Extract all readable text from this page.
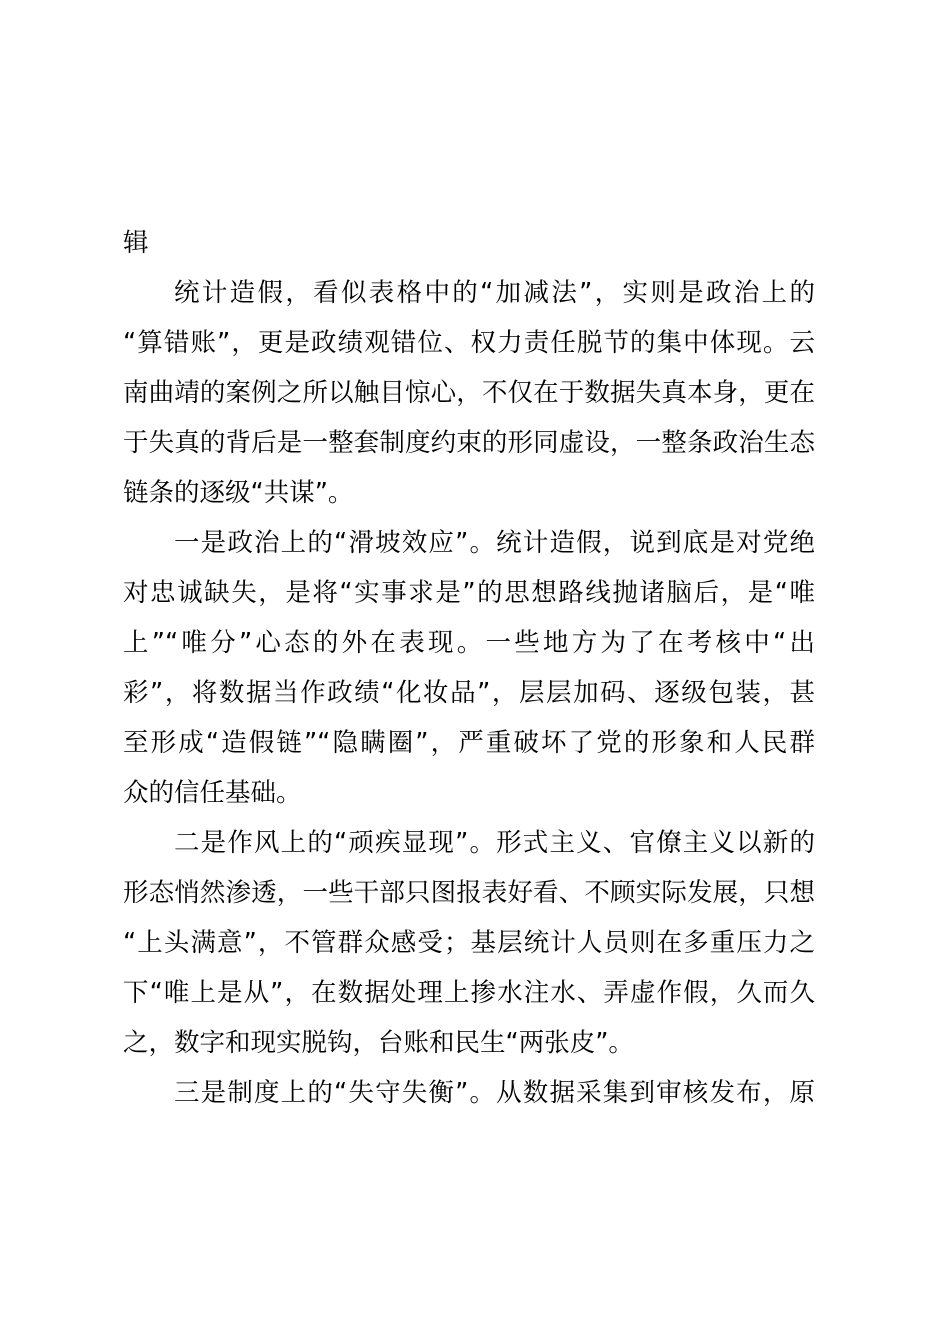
辑

统计造假，看似表格中的“加减法”，实则是政治上的
“算错账”，更是政绩观错位、权力责任脱节的集中体现。云
南曲靖的案例之所以触目惊心，不仅在于数据失真本身，更在
于失真的背后是一整套制度约束的形同虚设，一整条政治生态
链条的逐级“共谋”。

一是政治上的“滑坡效应”。统计造假，说到底是对党绝
对忠诚缺失，是将“实事求是”的思想路线抛诸脑后，是“唯
上”“唯分”心态的外在表现。一些地方为了在考核中“出
彩”，将数据当作政绩“化妆品”，层层加码、逐级包装，甚
至形成“造假链”“隐瞒圈”，严重破坏了党的形象和人民群
众的信任基础。

二是作风上的“顽疾显现”。形式主义、官僚主义以新的
形态悄然渗透，一些干部只图报表好看、不顾实际发展，只想
“上头满意”，不管群众感受；基层统计人员则在多重压力之
下“唯上是从”，在数据处理上掺水注水、弄虚作假，久而久
之，数字和现实脱钩，台账和民生“两张皮”。

三是制度上的“失守失衡”。从数据采集到审核发布，原
